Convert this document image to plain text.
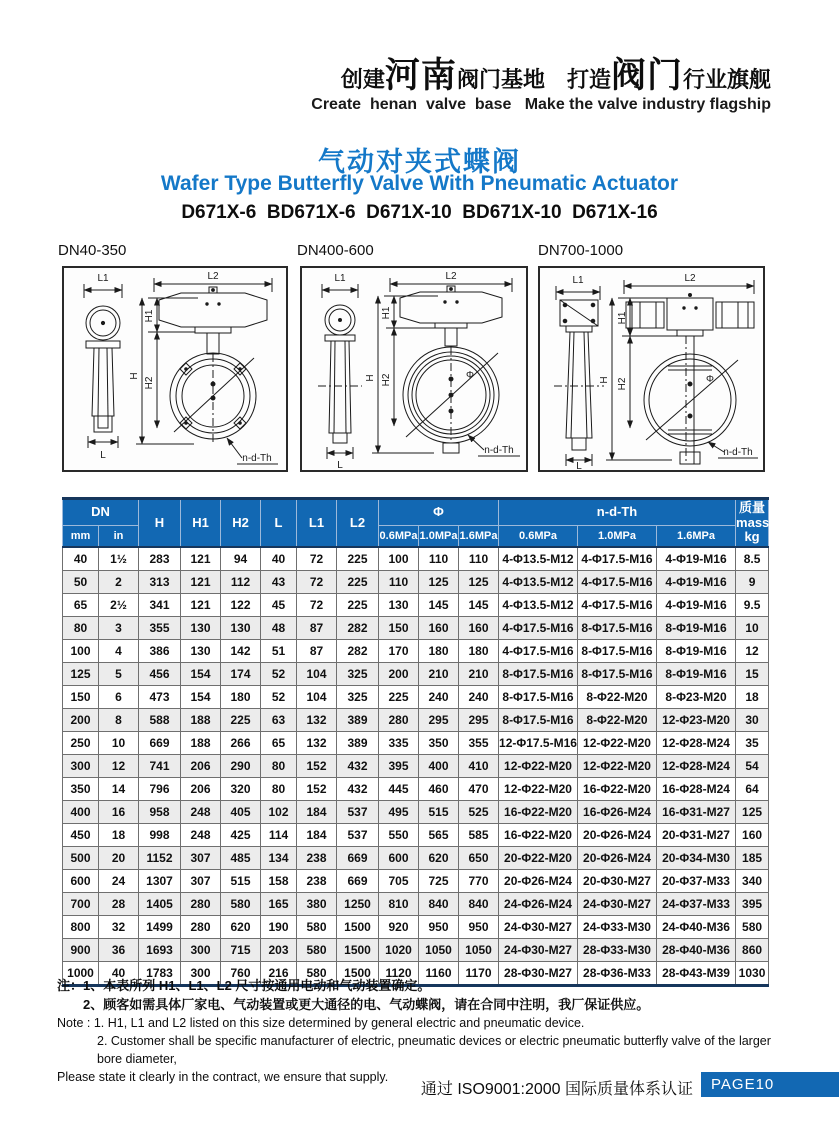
创建河南阀门基地 打造阀门行业旗舰
Create  henan  valve  base   Make the valve industry flagship
气动对夹式蝶阀
Wafer Type Butterfly Valve With Pneumatic Actuator
D671X-6  BD671X-6  D671X-10  BD671X-10  D671X-16
DN40-350	DN400-600	DN700-1000
L1
L
L2
H
H1
H2
n-d-Th
L1
L
L2
H
H1
H2	Φ
n-d-Th
L1
L
L2
H
H1
H2	Φ
n-d-Th
DN		H	H1	H2	L	L1	L2	Φ			n-d-Th			质量
mass
kg
mm	in							0.6MPa	1.0MPa	1.6MPa	0.6MPa	1.0MPa	1.6MPa	
40	1½	283	121	94	40	72	225	100	110	110	4-Φ13.5-M12	4-Φ17.5-M16	4-Φ19-M16	8.5
50	2	313	121	112	43	72	225	110	125	125	4-Φ13.5-M12	4-Φ17.5-M16	4-Φ19-M16	9
65	2½	341	121	122	45	72	225	130	145	145	4-Φ13.5-M12	4-Φ17.5-M16	4-Φ19-M16	9.5
80	3	355	130	130	48	87	282	150	160	160	4-Φ17.5-M16	8-Φ17.5-M16	8-Φ19-M16	10
100	4	386	130	142	51	87	282	170	180	180	4-Φ17.5-M16	8-Φ17.5-M16	8-Φ19-M16	12
125	5	456	154	174	52	104	325	200	210	210	8-Φ17.5-M16	8-Φ17.5-M16	8-Φ19-M16	15
150	6	473	154	180	52	104	325	225	240	240	8-Φ17.5-M16	8-Φ22-M20	8-Φ23-M20	18
200	8	588	188	225	63	132	389	280	295	295	8-Φ17.5-M16	8-Φ22-M20	12-Φ23-M20	30
250	10	669	188	266	65	132	389	335	350	355	12-Φ17.5-M16	12-Φ22-M20	12-Φ28-M24	35
300	12	741	206	290	80	152	432	395	400	410	12-Φ22-M20	12-Φ22-M20	12-Φ28-M24	54
350	14	796	206	320	80	152	432	445	460	470	12-Φ22-M20	16-Φ22-M20	16-Φ28-M24	64
400	16	958	248	405	102	184	537	495	515	525	16-Φ22-M20	16-Φ26-M24	16-Φ31-M27	125
450	18	998	248	425	114	184	537	550	565	585	16-Φ22-M20	20-Φ26-M24	20-Φ31-M27	160
500	20	1152	307	485	134	238	669	600	620	650	20-Φ22-M20	20-Φ26-M24	20-Φ34-M30	185
600	24	1307	307	515	158	238	669	705	725	770	20-Φ26-M24	20-Φ30-M27	20-Φ37-M33	340
700	28	1405	280	580	165	380	1250	810	840	840	24-Φ26-M24	24-Φ30-M27	24-Φ37-M33	395
800	32	1499	280	620	190	580	1500	920	950	950	24-Φ30-M27	24-Φ33-M30	24-Φ40-M36	580
900	36	1693	300	715	203	580	1500	1020	1050	1050	24-Φ30-M27	28-Φ33-M30	28-Φ40-M36	860
1000	40	1783	300	760	216	580	1500	1120	1160	1170	28-Φ30-M27	28-Φ36-M33	28-Φ43-M39	1030
注：1、本表所列 H1、L1、L2 尺寸按通用电动和气动装置确定。
2、顾客如需具体厂家电、气动装置或更大通径的电、气动蝶阀，请在合同中注明，我厂保证供应。
Note : 1. H1, L1 and L2 listed on this size determined by general electric and pneumatic device.
2. Customer shall be specific manufacturer of electric, pneumatic devices or electric pneumatic butterfly valve of the larger bore diameter,
Please state it clearly in the contract, we ensure that supply.
通过 ISO9001:2000 国际质量体系认证	PAGE10
